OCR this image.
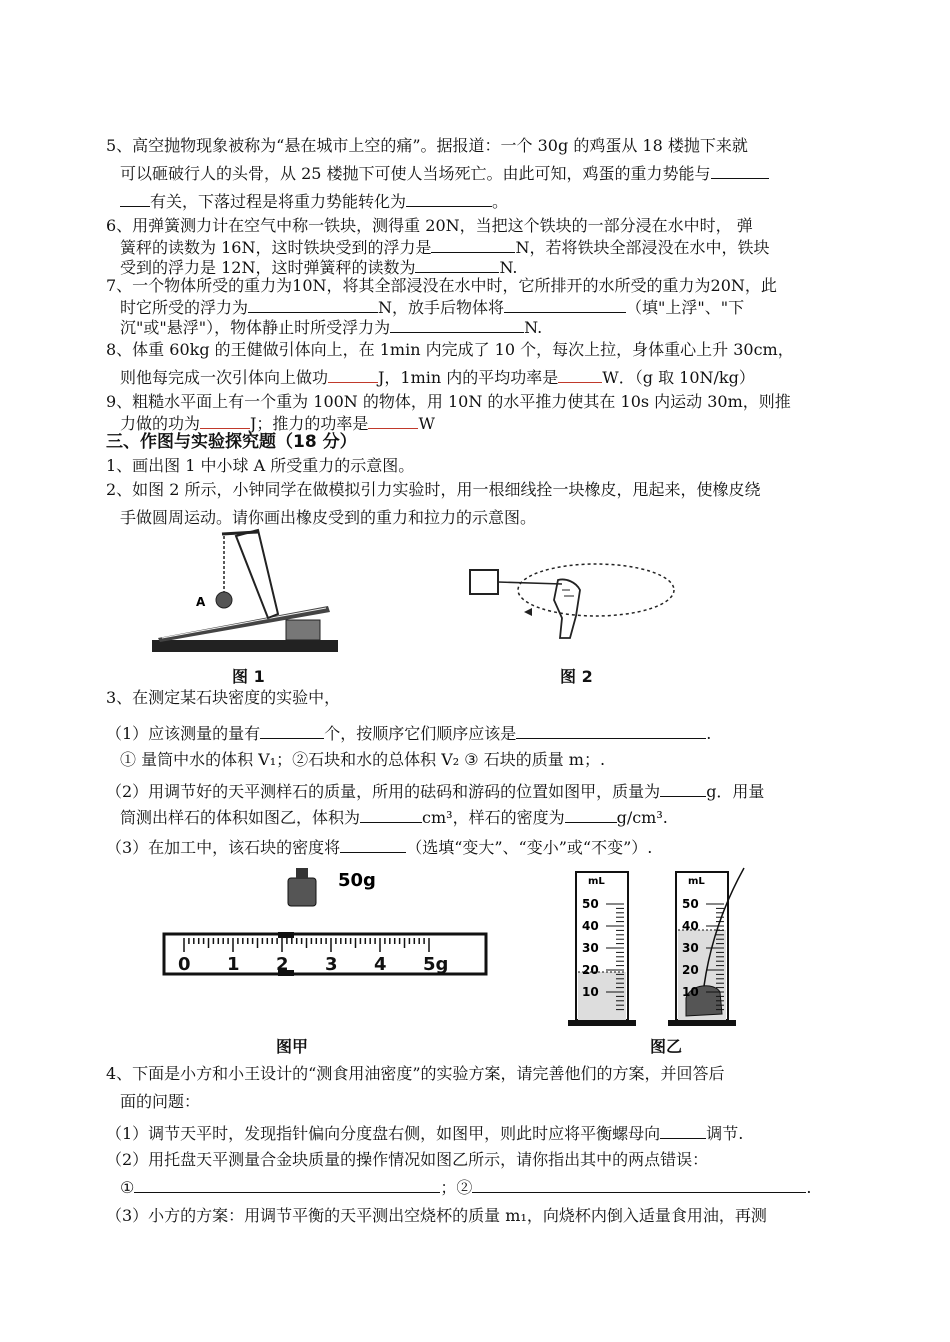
5、高空抛物现象被称为“悬在城市上空的痛”。据报道：一个 30g 的鸡蛋从 18 楼抛下来就
可以砸破行人的头骨，从 25 楼抛下可使人当场死亡。由此可知，鸡蛋的重力势能与
有关，下落过程是将重力势能转化为	。
6、用弹簧测力计在空气中称一铁块，测得重 20N，当把这个铁块的一部分浸在水中时， 弹
簧秤的读数为 16N，这时铁块受到的浮力是	N，若将铁块全部浸没在水中，铁块
受到的浮力是 12N，这时弹簧秤的读数为	N.
7、一个物体所受的重力为10N，将其全部浸没在水中时，它所排开的水所受的重力为20N，此
时它所受的浮力为	N，放手后物体将	（填"上浮"、"下
沉"或"悬浮"），物体静止时所受浮力为	N.
8、体重 60kg 的王健做引体向上，在 1min 内完成了 10 个，每次上拉，身体重心上升 30cm，
则他每完成一次引体向上做功	J，1min 内的平均功率是	W．（g 取 10N/kg）
9、粗糙水平面上有一个重为 100N 的物体，用 10N 的水平推力使其在 10s 内运动 30m，则推
力做的功为	J；推力的功率是	W
三、作图与实验探究题（18 分）
1、画出图 1 中小球 A 所受重力的示意图。
2、如图 2 所示，小钟同学在做模拟引力实验时，用一根细线拴一块橡皮，甩起来，使橡皮绕
手做圆周运动。请你画出橡皮受到的重力和拉力的示意图。
A
图 1	图 2
3、在测定某石块密度的实验中，
（1）应该测量的量有	个，按顺序它们顺序应该是	.
① 量筒中水的体积 V₁；②石块和水的总体积 V₂ ③ 石块的质量 m；.
（2）用调节好的天平测样石的质量，所用的砝码和游码的位置如图甲，质量为	g．用量
筒测出样石的体积如图乙，体积为	cm³，样石的密度为	g/cm³.
（3）在加工中，该石块的密度将	（选填“变大”、“变小”或“不变”）.
50g
0 1 2 3 4 5g
图甲
mL	mL
50	50
40	40
30	30
20	20
10	10
图乙
4、下面是小方和小王设计的“测食用油密度”的实验方案，请完善他们的方案，并回答后
面的问题：
（1）调节天平时，发现指针偏向分度盘右侧，如图甲，则此时应将平衡螺母向	调节.
（2）用托盘天平测量合金块质量的操作情况如图乙所示，请你指出其中的两点错误：
①	；②	.
（3）小方的方案：用调节平衡的天平测出空烧杯的质量 m₁，向烧杯内倒入适量食用油，再测
